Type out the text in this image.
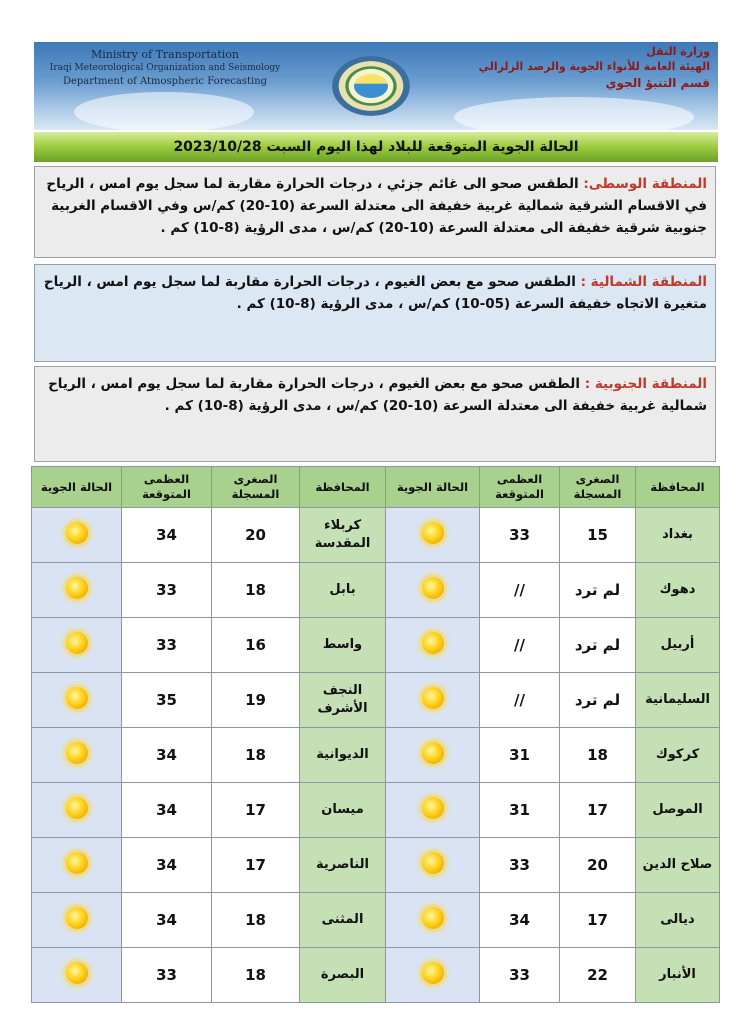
Ministry of Transportation
Iraqi Meteorological Organization and Seismology
Department of Atmospheric Forecasting
وزارة النقل
الهيئة العامة للأنواء الجوية والرصد الزلزالي
قسم التنبؤ الجوي
الحالة الجوية المتوقعة للبلاد لهذا اليوم السبت 2023/10/28
المنطقة الوسطى: الطقس صحو الى غائم جزئي ، درجات الحرارة مقاربة لما سجل يوم امس ، الرياح في الاقسام الشرقية شمالية غربية خفيفة الى معتدلة السرعة (10-20) كم/س وفي الاقسام الغربية جنوبية شرقية خفيفة الى معتدلة السرعة (10-20) كم/س ، مدى الرؤية (8-10) كم .
المنطقة الشمالية : الطقس صحو مع بعض الغيوم ، درجات الحرارة مقاربة لما سجل يوم امس ، الرياح متغيرة الاتجاه خفيفة السرعة (05-10) كم/س ، مدى الرؤية (8-10) كم .
المنطقة الجنوبية : الطقس صحو مع بعض الغيوم ، درجات الحرارة مقاربة لما سجل يوم امس ، الرياح شمالية غربية خفيفة الى معتدلة السرعة (10-20) كم/س ، مدى الرؤية (8-10) كم .
المحافظة	الصغرى المسجلة	العظمى المتوقعة	الحالة الجوية	المحافظة	الصغرى المسجلة	العظمى المتوقعة	الحالة الجوية
بغداد	15	33		كربلاء المقدسة	20	34	
دهوك	لم ترد	//		بابل	18	33	
أربيل	لم ترد	//		واسط	16	33	
السليمانية	لم ترد	//		النجف الأشرف	19	35	
كركوك	18	31		الديوانية	18	34	
الموصل	17	31		ميسان	17	34	
صلاح الدين	20	33		الناصرية	17	34	
ديالى	17	34		المثنى	18	34	
الأنبار	22	33		البصرة	18	33	
